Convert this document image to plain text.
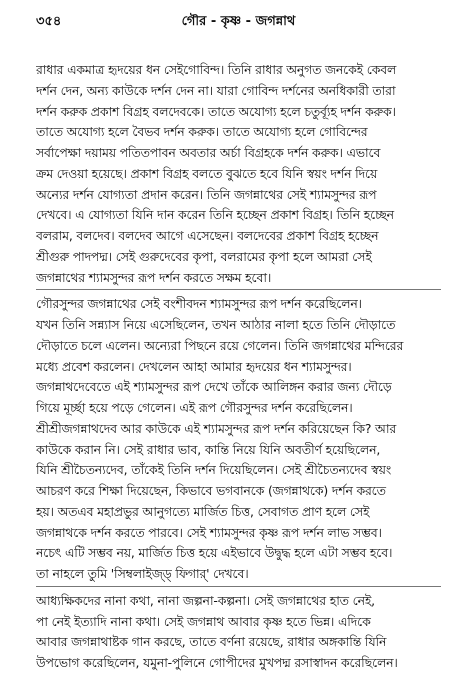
৩৫৪	গৌর - কৃষ্ণ - জগন্নাথ
রাধার একমাত্র হৃদয়ের ধন সেইগোবিন্দ। তিনি রাধার অনুগত জনকেই কেবল
দর্শন দেন, অন্য কাউকে দর্শন দেন না। যারা গোবিন্দ দর্শনের অনধিকারী তারা
দর্শন করুক প্রকাশ বিগ্রহ বলদেবকে। তাতে অযোগ্য হলে চতুর্ব্যূহ দর্শন করুক।
তাতে অযোগ্য হলে বৈভব দর্শন করুক। তাতে অযোগ্য হলে গোবিন্দের
সর্বাপেক্ষা দয়াময় পতিতপাবন অবতার অর্চা বিগ্রহকে দর্শন করুক। এভাবে
ক্রম দেওয়া হয়েছে। প্রকাশ বিগ্রহ বলতে বুঝতে হবে যিনি স্বয়ং দর্শন দিয়ে
অন্যের দর্শন যোগ্যতা প্রদান করেন। তিনি জগন্নাথের সেই শ্যামসুন্দর রূপ
দেখবে। এ যোগ্যতা যিনি দান করেন তিনি হচ্ছেন প্রকাশ বিগ্রহ। তিনি হচ্ছেন
বলরাম, বলদেব। বলদেব আগে এসেছেন। বলদেবের প্রকাশ বিগ্রহ হচ্ছেন
শ্রীগুরু পাদপদ্ম। সেই গুরুদেবের কৃপা, বলরামের কৃপা হলে আমরা সেই
জগন্নাথের শ্যামসুন্দর রূপ দর্শন করতে সক্ষম হবো।
গৌরসুন্দর জগন্নাথের সেই বংশীবদন শ্যামসুন্দর রূপ দর্শন করেছিলেন।
যখন তিনি সন্ন্যাস নিয়ে এসেছিলেন, তখন আঠার নালা হতে তিনি দৌড়াতে
দৌড়াতে চলে এলেন। অন্যেরা পিছনে রয়ে গেলেন। তিনি জগন্নাথের মন্দিরের
মধ্যে প্রবেশ করলেন। দেখলেন আহা আমার হৃদয়ের ধন শ্যামসুন্দর।
জগন্নাথদেবেতে এই শ্যামসুন্দর রূপ দেখে তাঁকে আলিঙ্গন করার জন্য দৌড়ে
গিয়ে মূর্চ্ছা হয়ে পড়ে গেলেন। এই রূপ গৌরসুন্দর দর্শন করেছিলেন।
শ্রীশ্রীজগন্নাথদেব আর কাউকে এই শ্যামসুন্দর রূপ দর্শন করিয়েছেন কি? আর
কাউকে করান নি। সেই রাধার ভাব, কান্তি নিয়ে যিনি অবতীর্ণ হয়েছিলেন,
যিনি শ্রীচৈতন্যদেব, তাঁকেই তিনি দর্শন দিয়েছিলেন। সেই শ্রীচৈতন্যদেব স্বয়ং
আচরণ করে শিক্ষা দিয়েছেন, কিভাবে ভগবানকে (জগন্নাথকে) দর্শন করতে
হয়। অতএব মহাপ্রভুর আনুগত্যে মার্জিত চিত্ত, সেবাগত প্রাণ হলে সেই
জগন্নাথকে দর্শন করতে পারবে। সেই শ্যামসুন্দর কৃষ্ণ রূপ দর্শন লাভ সম্ভব।
নচেৎ এটি সম্ভব নয়, মার্জিত চিত্ত হয়ে এইভাবে উদ্বুদ্ধ হলে এটা সম্ভব হবে।
তা নাহলে তুমি 'সিম্বলাইজ্‌ড্ ফিগার্' দেখবে।
আধ্যক্ষিকদের নানা কথা, নানা জল্পনা-কল্পনা। সেই জগন্নাথের হাত নেই,
পা নেই ইত্যাদি নানা কথা। সেই জগন্নাথ আবার কৃষ্ণ হতে ভিন্ন। এদিকে
আবার জগন্নাথাষ্টক গান করছে, তাতে বর্ণনা রয়েছে, রাধার অঙ্গকান্তি যিনি
উপভোগ করেছিলেন, যমুনা-পুলিনে গোপীদের মুখপদ্ম রসাস্বাদন করেছিলেন।
